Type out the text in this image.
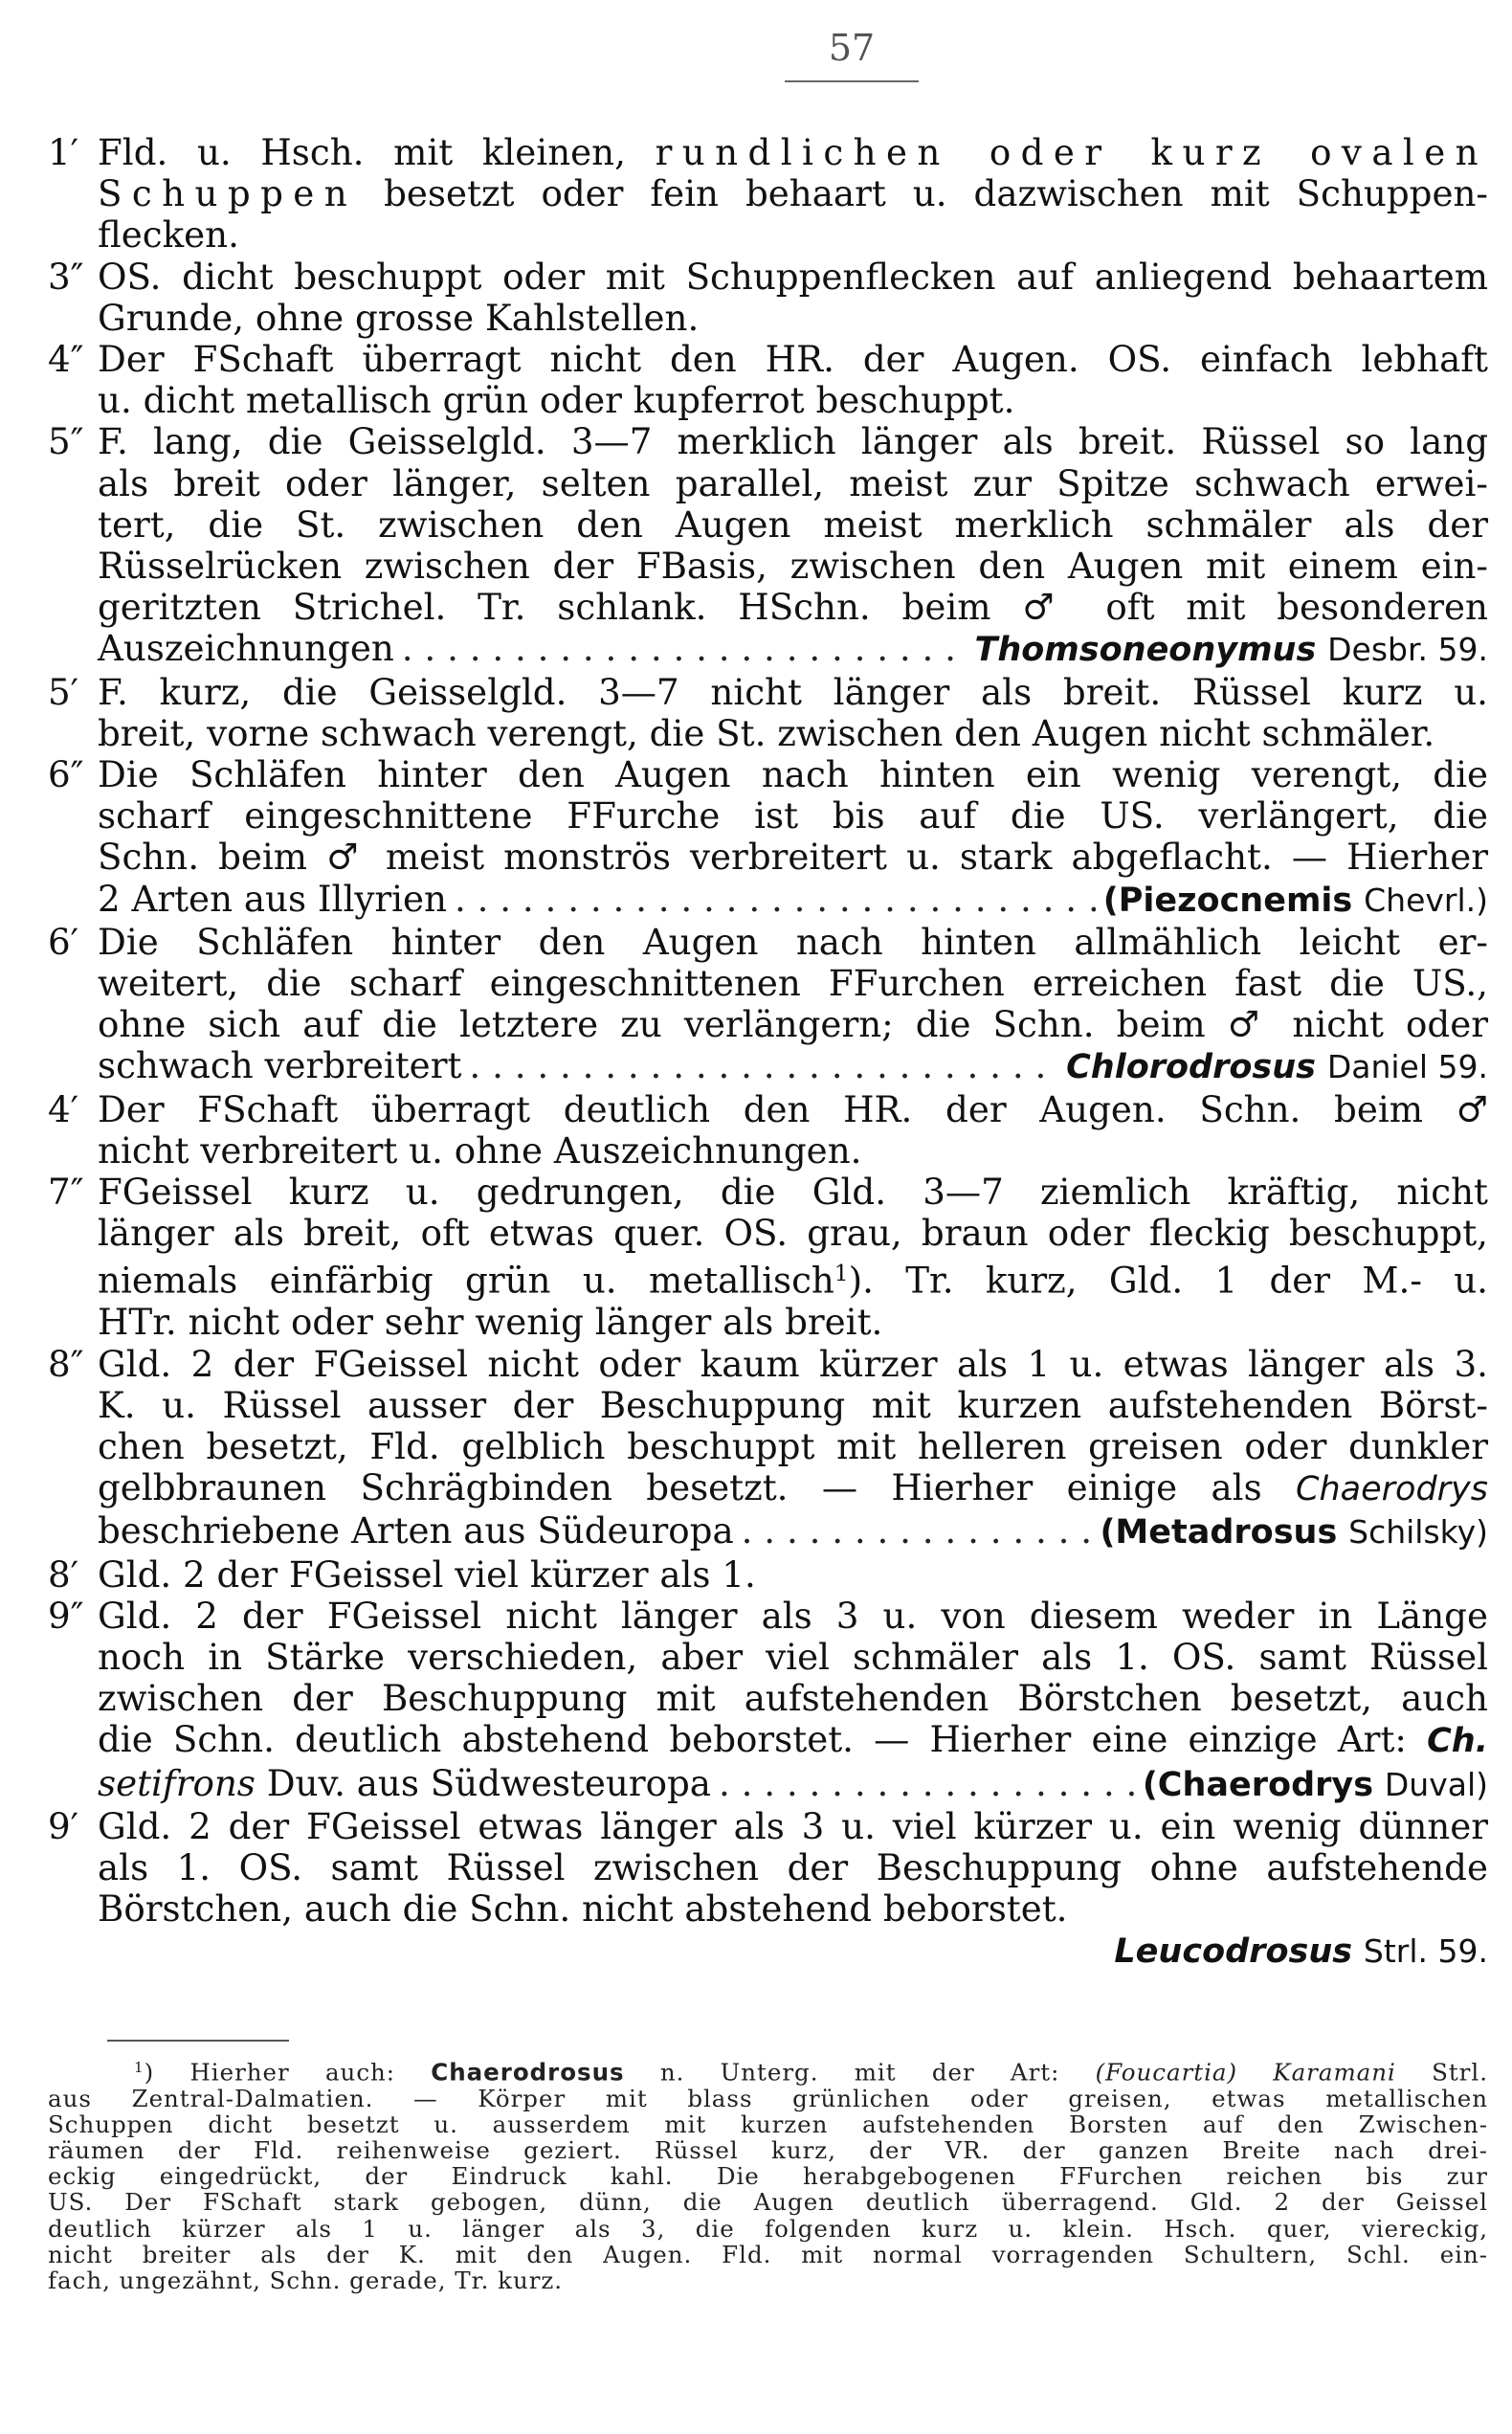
57
1′ Fld. u. Hsch. mit kleinen, rundlichen oder kurz ovalen
Schuppen besetzt oder fein behaart u. dazwischen mit Schuppen-
flecken.
3″ OS. dicht beschuppt oder mit Schuppenflecken auf anliegend behaartem
Grunde, ohne grosse Kahlstellen.
4″ Der FSchaft überragt nicht den HR. der Augen. OS. einfach lebhaft
u. dicht metallisch grün oder kupferrot beschuppt.
5″ F. lang, die Geisselgld. 3—7 merklich länger als breit. Rüssel so lang
als breit oder länger, selten parallel, meist zur Spitze schwach erwei-
tert, die St. zwischen den Augen meist merklich schmäler als der
Rüsselrücken zwischen der FBasis, zwischen den Augen mit einem ein-
geritzten Strichel. Tr. schlank. HSchn. beim ♂ oft mit besonderen
Auszeichnungen . . .	Thomsoneonymus Desbr. 59.
5′ F. kurz, die Geisselgld. 3—7 nicht länger als breit. Rüssel kurz u.
breit, vorne schwach verengt, die St. zwischen den Augen nicht schmäler.
6″ Die Schläfen hinter den Augen nach hinten ein wenig verengt, die
scharf eingeschnittene FFurche ist bis auf die US. verlängert, die
Schn. beim ♂ meist monströs verbreitert u. stark abgeflacht. — Hierher
2 Arten aus Illyrien . . .	(Piezocnemis Chevrl.)
6′ Die Schläfen hinter den Augen nach hinten allmählich leicht er-
weitert, die scharf eingeschnittenen FFurchen erreichen fast die US.,
ohne sich auf die letztere zu verlängern; die Schn. beim ♂ nicht oder
schwach verbreitert . . .	Chlorodrosus Daniel 59.
4′ Der FSchaft überragt deutlich den HR. der Augen. Schn. beim ♂
nicht verbreitert u. ohne Auszeichnungen.
7″ FGeissel kurz u. gedrungen, die Gld. 3—7 ziemlich kräftig, nicht
länger als breit, oft etwas quer. OS. grau, braun oder fleckig beschuppt,
niemals einfärbig grün u. metallisch$^1$). Tr. kurz, Gld. 1 der M.- u.
HTr. nicht oder sehr wenig länger als breit.
8″ Gld. 2 der FGeissel nicht oder kaum kürzer als 1 u. etwas länger als 3.
K. u. Rüssel ausser der Beschuppung mit kurzen aufstehenden Börst-
chen besetzt, Fld. gelblich beschuppt mit helleren greisen oder dunkler
gelbbraunen Schrägbinden besetzt. — Hierher einige als Chaerodrys
beschriebene Arten aus Südeuropa . . .	(Metadrosus Schilsky)
8′ Gld. 2 der FGeissel viel kürzer als 1.
9″ Gld. 2 der FGeissel nicht länger als 3 u. von diesem weder in Länge
noch in Stärke verschieden, aber viel schmäler als 1. OS. samt Rüssel
zwischen der Beschuppung mit aufstehenden Börstchen besetzt, auch
die Schn. deutlich abstehend beborstet. — Hierher eine einzige Art: Ch.
setifrons Duv. aus Südwesteuropa . . .	(Chaerodrys Duval)
9′ Gld. 2 der FGeissel etwas länger als 3 u. viel kürzer u. ein wenig dünner
als 1. OS. samt Rüssel zwischen der Beschuppung ohne aufstehende
Börstchen, auch die Schn. nicht abstehend beborstet.
Leucodrosus Strl. 59.
$^1$) Hierher auch: Chaerodrosus n. Unterg. mit der Art: (Foucartia) Karamani Strl.
aus Zentral-Dalmatien. — Körper mit blass grünlichen oder greisen, etwas metallischen
Schuppen dicht besetzt u. ausserdem mit kurzen aufstehenden Borsten auf den Zwischen-
räumen der Fld. reihenweise geziert. Rüssel kurz, der VR. der ganzen Breite nach drei-
eckig eingedrückt, der Eindruck kahl. Die herabgebogenen FFurchen reichen bis zur
US. Der FSchaft stark gebogen, dünn, die Augen deutlich überragend. Gld. 2 der Geissel
deutlich kürzer als 1 u. länger als 3, die folgenden kurz u. klein. Hsch. quer, viereckig,
nicht breiter als der K. mit den Augen. Fld. mit normal vorragenden Schultern, Schl. ein-
fach, ungezähnt, Schn. gerade, Tr. kurz.
